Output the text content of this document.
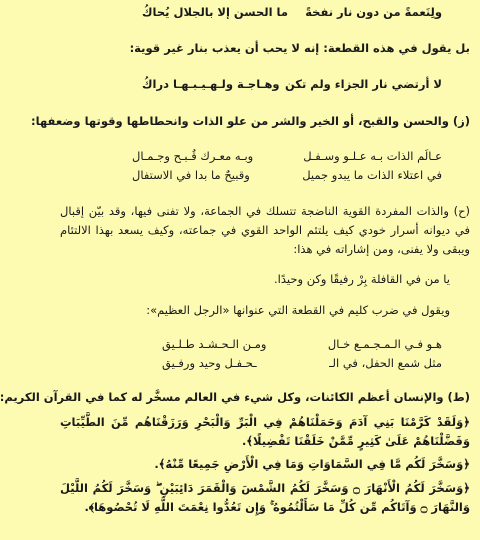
ولِنَعمةً من دون نار نفخةً
ما الحسن إلا بالجلال يُحاكُ
بل يقول في هذه القطعة: إنه لا يحب أن يعذب بنار غير قوية:
لا أرتضي نار الجزاء ولم تكن
وهـاجـة ولـهـيـبـهـا دراكُ
(ز) والحسن والقبح، أو الخير والشر من علو الذات وانحطاطها وقوتها وضعفها:
عـالَم الذات بـه عـلـو وسـفـل
وبـه معـرك قُـبـح وجـمـال
في اعتلاء الذات ما يبدو جميل
وقبيحٌ ما بدا في الاستفال
(ح) والذات المفردة القوية الناضجة تتسلك في الجماعة، ولا تفنى فيها، وقد بيّن إقبال في ديوانه أسرار خودي كيف يلتئم الواحد القوي في جماعته، وكيف يسعد بهذا الالتئام ويبقى ولا يفنى، ومن إشاراته في هذا:
يا من في القافلة بِرْ رفيقًا وكن وحيدًا.
ويقول في ضرب كليم في القطعة التي عنوانها «الرجل العظيم»:
هـو فـي الـمـجـمـع خـال
ومـن الـحـشـد طـلـيق
مثل شمع الحفل، في الـ
ـحـفـل وحيد ورفـيق
(ط) والإنسان أعظم الكائنات، وكل شيء في العالم مسخَّر له كما في القرآن الكريم:
﴿وَلَقَدْ كَرَّمْنَا بَنِي آدَمَ وَحَمَلْنَاهُمْ فِي الْبَرِّ وَالْبَحْرِ وَرَزَقْنَاهُم مِّنَ الطَّيِّبَاتِ وَفَضَّلْنَاهُمْ عَلَىٰ كَثِيرٍ مِّمَّنْ خَلَقْنَا تَفْضِيلًا﴾.
﴿وَسَخَّرَ لَكُم مَّا فِي السَّمَاوَاتِ وَمَا فِي الْأَرْضِ جَمِيعًا مِّنْهُ﴾.
﴿وَسَخَّرَ لَكُمُ الْأَنْهَارَ ۝ وَسَخَّرَ لَكُمُ الشَّمْسَ وَالْقَمَرَ دَائِبَيْنِ ۖ وَسَخَّرَ لَكُمُ اللَّيْلَ وَالنَّهَارَ ۝ وَآتَاكُم مِّن كُلِّ مَا سَأَلْتُمُوهُ ۚ وَإِن تَعُدُّوا نِعْمَتَ اللَّهِ لَا تُحْصُوهَا﴾.
